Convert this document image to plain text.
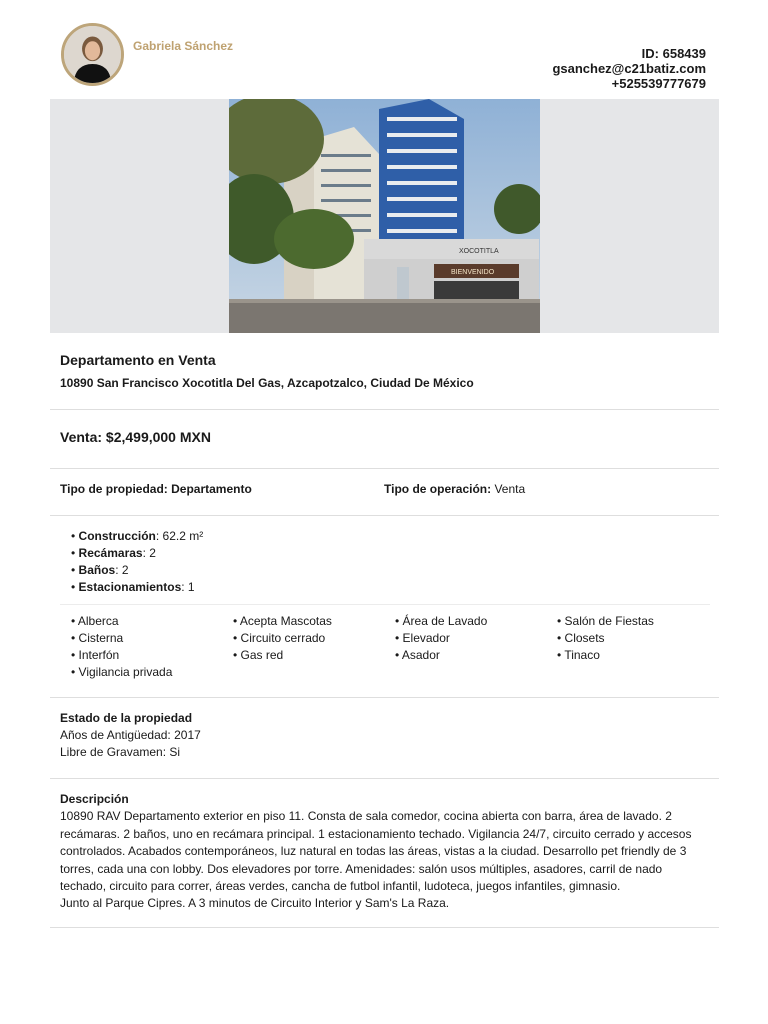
Gabriela Sánchez	ID: 658439
gsanchez@c21batiz.com
+525539777679
XOCOTITLA
BIENVENIDO
Departamento en Venta
10890 San Francisco Xocotitla Del Gas, Azcapotzalco, Ciudad De México
Venta: $2,499,000 MXN
Tipo de propiedad: Departamento	Tipo de operación: Venta
• Construcción: 62.2 m²
• Recámaras: 2
• Baños: 2
• Estacionamientos: 1
• Alberca
• Cisterna
• Interfón
• Vigilancia privada
• Acepta Mascotas
• Circuito cerrado
• Gas red
• Área de Lavado
• Elevador
• Asador
• Salón de Fiestas
• Closets
• Tinaco
Estado de la propiedad
Años de Antigüedad: 2017
Libre de Gravamen: Si
Descripción
10890 RAV Departamento exterior en piso 11. Consta de sala comedor, cocina abierta con barra, área de lavado. 2
recámaras. 2 baños, uno en recámara principal. 1 estacionamiento techado. Vigilancia 24/7, circuito cerrado y accesos
controlados. Acabados contemporáneos, luz natural en todas las áreas, vistas a la ciudad. Desarrollo pet friendly de 3
torres, cada una con lobby. Dos elevadores por torre. Amenidades: salón usos múltiples, asadores, carril de nado
techado, circuito para correr, áreas verdes, cancha de futbol infantil, ludoteca, juegos infantiles, gimnasio.
Junto al Parque Cipres. A 3 minutos de Circuito Interior y Sam's La Raza.
